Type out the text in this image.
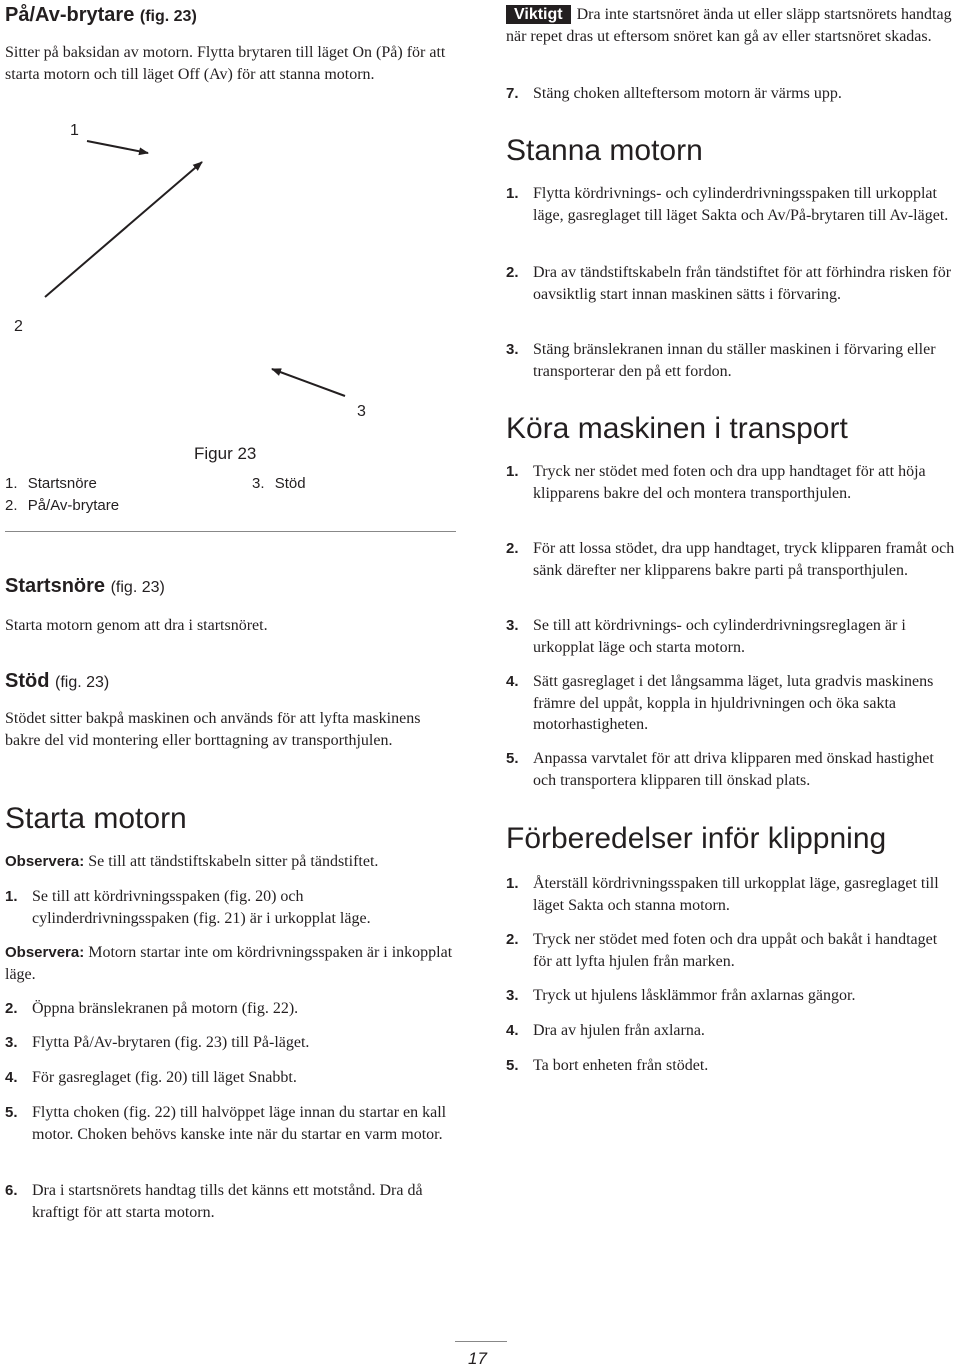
På/Av-brytare (fig. 23)

Sitter på baksidan av motorn. Flytta brytaren till läget On (På) för att starta motorn och till läget Off (Av) för att stanna motorn.

1
2
3
Figur 23
1. Startsnöre
2. På/Av-brytare
3. Stöd
Startsnöre (fig. 23)

Starta motorn genom att dra i startsnöret.

Stöd (fig. 23)

Stödet sitter bakpå maskinen och används för att lyfta maskinens bakre del vid montering eller borttagning av transporthjulen.

Starta motorn

Observera: Se till att tändstiftskabeln sitter på tändstiftet.

1. Se till att kördrivningsspaken (fig. 20) och cylinderdrivningsspaken (fig. 21) är i urkopplat läge.

Observera: Motorn startar inte om kördrivningsspaken är i inkopplat läge.

2. Öppna bränslekranen på motorn (fig. 22).
3. Flytta På/Av-brytaren (fig. 23) till På-läget.
4. För gasreglaget (fig. 20) till läget Snabbt.
5. Flytta choken (fig. 22) till halvöppet läge innan du startar en kall motor. Choken behövs kanske inte när du startar en varm motor.
6. Dra i startsnörets handtag tills det känns ett motstånd. Dra då kraftigt för att starta motorn.

Viktigt Dra inte startsnöret ända ut eller släpp startsnörets handtag när repet dras ut eftersom snöret kan gå av eller startsnöret skadas.

7. Stäng choken allteftersom motorn är värms upp.
Stanna motorn
1. Flytta kördrivnings- och cylinderdrivningsspaken till urkopplat läge, gasreglaget till läget Sakta och Av/På-brytaren till Av-läget.
2. Dra av tändstiftskabeln från tändstiftet för att förhindra risken för oavsiktlig start innan maskinen sätts i förvaring.
3. Stäng bränslekranen innan du ställer maskinen i förvaring eller transporterar den på ett fordon.
Köra maskinen i transport
1. Tryck ner stödet med foten och dra upp handtaget för att höja klipparens bakre del och montera transporthjulen.
2. För att lossa stödet, dra upp handtaget, tryck klipparen framåt och sänk därefter ner klipparens bakre parti på transporthjulen.
3. Se till att kördrivnings- och cylinderdrivningsreglagen är i urkopplat läge och starta motorn.
4. Sätt gasreglaget i det långsamma läget, luta gradvis maskinens främre del uppåt, koppla in hjuldrivningen och öka sakta motorhastigheten.
5. Anpassa varvtalet för att driva klipparen med önskad hastighet och transportera klipparen till önskad plats.
Förberedelser inför klippning
1. Återställ kördrivningsspaken till urkopplat läge, gasreglaget till läget Sakta och stanna motorn.
2. Tryck ner stödet med foten och dra uppåt och bakåt i handtaget för att lyfta hjulen från marken.
3. Tryck ut hjulens låsklämmor från axlarnas gängor.
4. Dra av hjulen från axlarna.
5. Ta bort enheten från stödet.
17
